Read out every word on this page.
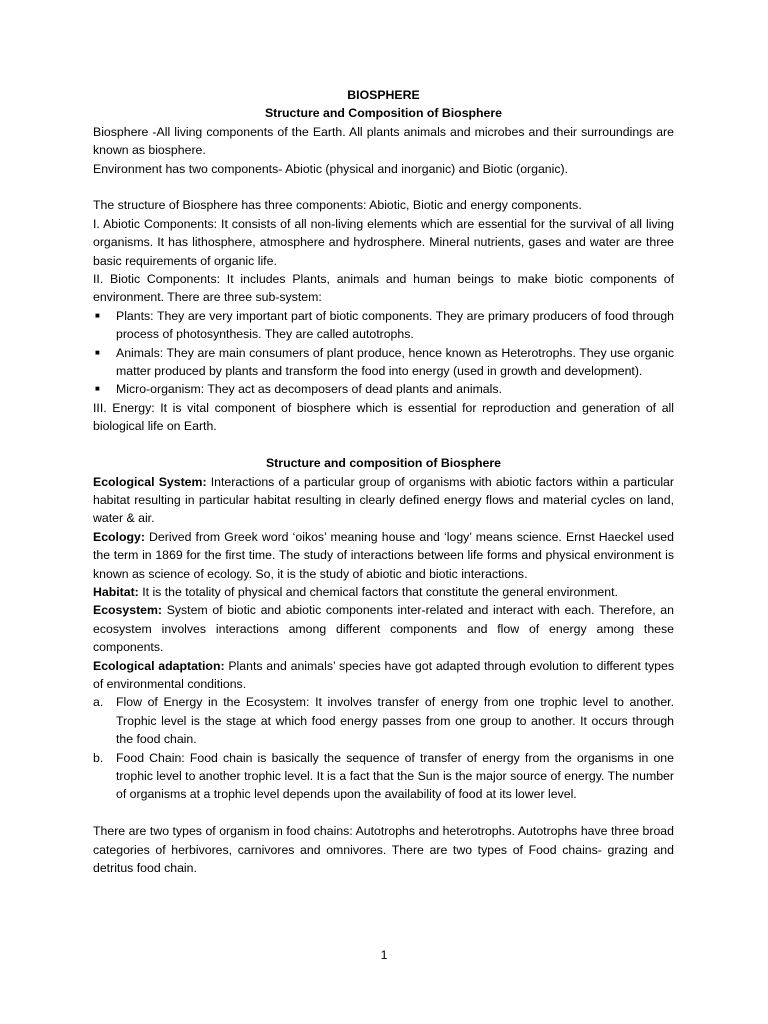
BIOSPHERE

Structure and Composition of Biosphere

Biosphere -All living components of the Earth. All plants animals and microbes and their surroundings are known as biosphere.

Environment has two components- Abiotic (physical and inorganic) and Biotic (organic).

The structure of Biosphere has three components: Abiotic, Biotic and energy components.

I. Abiotic Components: It consists of all non-living elements which are essential for the survival of all living organisms. It has lithosphere, atmosphere and hydrosphere. Mineral nutrients, gases and water are three basic requirements of organic life.

II. Biotic Components: It includes Plants, animals and human beings to make biotic components of environment. There are three sub-system:

■ Plants: They are very important part of biotic components. They are primary producers of food through process of photosynthesis. They are called autotrophs.
■ Animals: They are main consumers of plant produce, hence known as Heterotrophs. They use organic matter produced by plants and transform the food into energy (used in growth and development).
■ Micro-organism: They act as decomposers of dead plants and animals.

III. Energy: It is vital component of biosphere which is essential for reproduction and generation of all biological life on Earth.

Structure and composition of Biosphere

Ecological System: Interactions of a particular group of organisms with abiotic factors within a particular habitat resulting in particular habitat resulting in clearly defined energy flows and material cycles on land, water & air.

Ecology: Derived from Greek word ‘oikos’ meaning house and ‘logy’ means science. Ernst Haeckel used the term in 1869 for the first time. The study of interactions between life forms and physical environment is known as science of ecology. So, it is the study of abiotic and biotic interactions.

Habitat: It is the totality of physical and chemical factors that constitute the general environment.

Ecosystem: System of biotic and abiotic components inter-related and interact with each. Therefore, an ecosystem involves interactions among different components and flow of energy among these components.

Ecological adaptation: Plants and animals’ species have got adapted through evolution to different types of environmental conditions.

a. Flow of Energy in the Ecosystem: It involves transfer of energy from one trophic level to another. Trophic level is the stage at which food energy passes from one group to another. It occurs through the food chain.
b. Food Chain: Food chain is basically the sequence of transfer of energy from the organisms in one trophic level to another trophic level. It is a fact that the Sun is the major source of energy. The number of organisms at a trophic level depends upon the availability of food at its lower level.

There are two types of organism in food chains: Autotrophs and heterotrophs. Autotrophs have three broad categories of herbivores, carnivores and omnivores. There are two types of Food chains- grazing and detritus food chain.

1
